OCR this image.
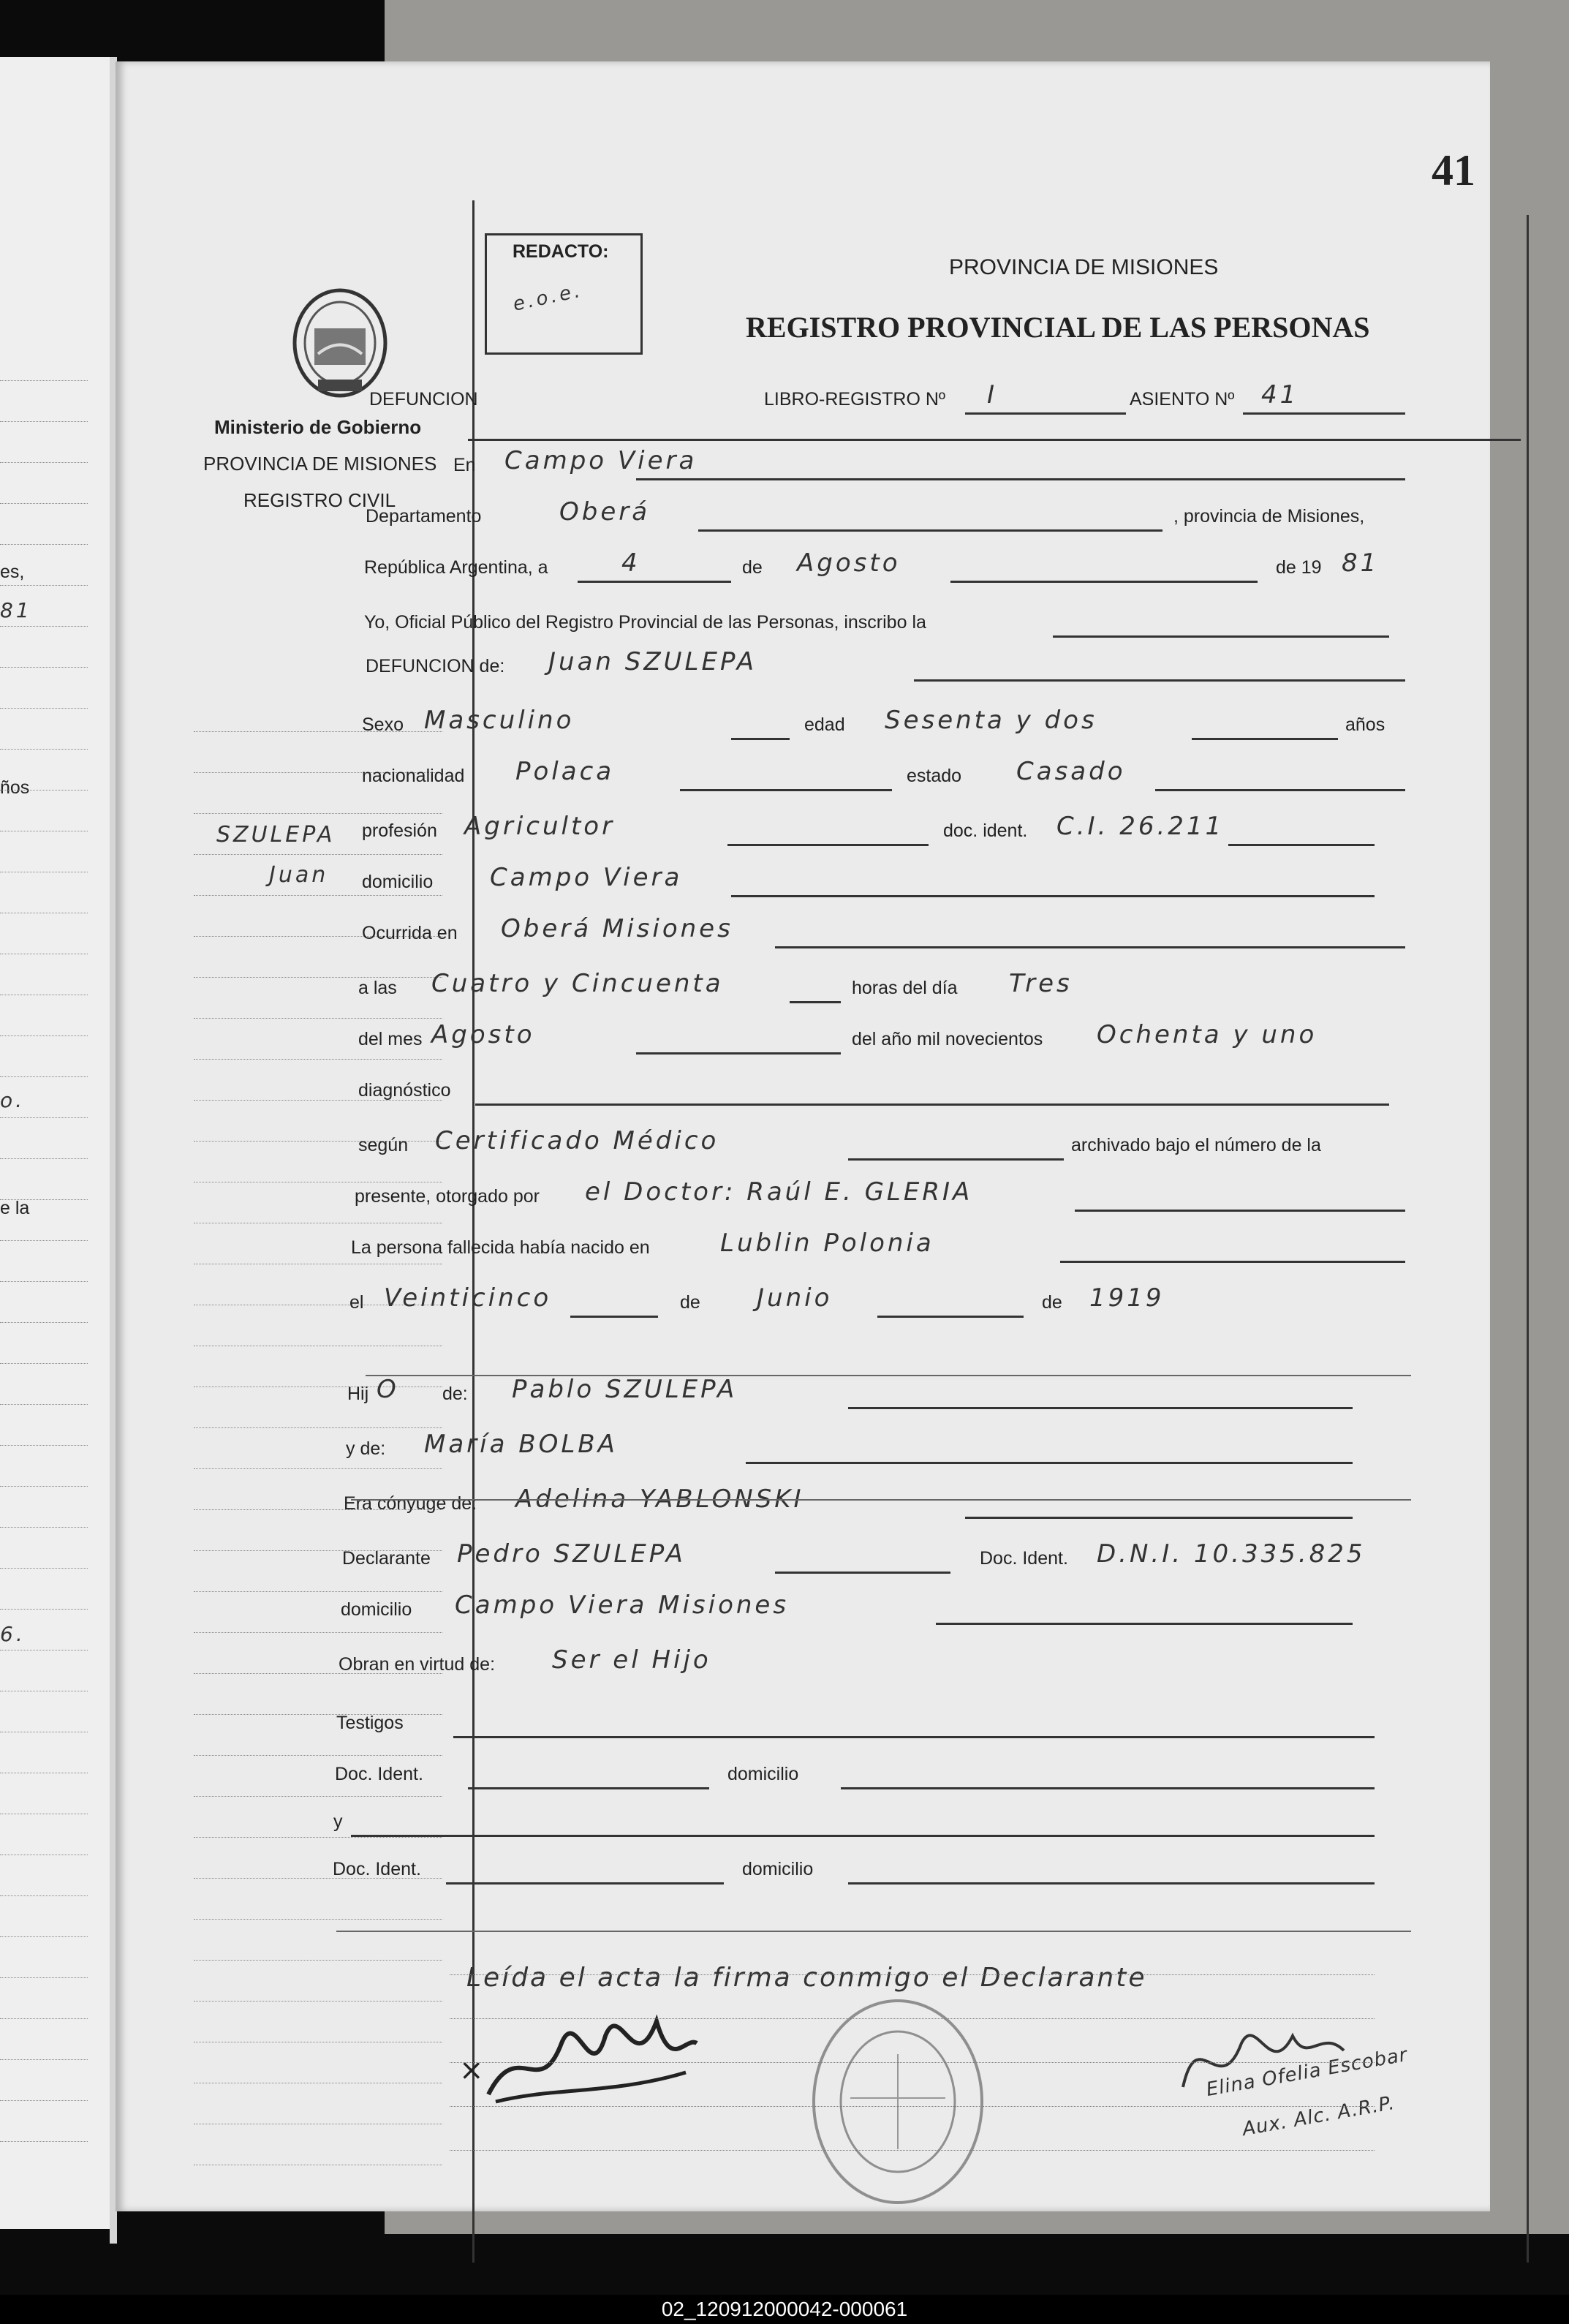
es,
81
ños
o.
e la
6.
41
REDACTO:
e.o.e.
PROVINCIA DE MISIONES
REGISTRO PROVINCIAL DE LAS PERSONAS
Ministerio de Gobierno
PROVINCIA DE MISIONES
REGISTRO CIVIL
SZULEPA
Juan
DEFUNCION	LIBRO-REGISTRO Nº I	ASIENTO Nº 41
En Campo Viera
Departamento	Oberá	, provincia de Misiones,
República Argentina, a	4	de Agosto	de 19 81
Yo, Oficial Público del Registro Provincial de las Personas, inscribo la
DEFUNCION de: Juan SZULEPA
Sexo Masculino	edad Sesenta y dos	años
nacionalidad Polaca	estado Casado
profesión Agricultor	doc. ident. C.I. 26.211
domicilio Campo Viera
Ocurrida en Oberá Misiones
a las Cuatro y Cincuenta	horas del día Tres
del mes Agosto	del año mil novecientos Ochenta y uno
diagnóstico
según Certificado Médico	archivado bajo el número de la
presente, otorgado por el Doctor: Raúl E. GLERIA
La persona fallecida había nacido en	Lublin Polonia
el Veinticinco	de Junio	de 1919
Hij O de: Pablo SZULEPA
y de: María BOLBA
Era cónyuge de: Adelina YABLONSKI
Declarante Pedro SZULEPA	Doc. Ident. D.N.I. 10.335.825
domicilio Campo Viera Misiones
Obran en virtud de: Ser el Hijo
Testigos
Doc. Ident.	domicilio
y
Doc. Ident.	domicilio
Leída el acta la firma conmigo el Declarante
×	Elina Ofelia Escobar
Aux. Alc. A.R.P.
02_120912000042-000061
